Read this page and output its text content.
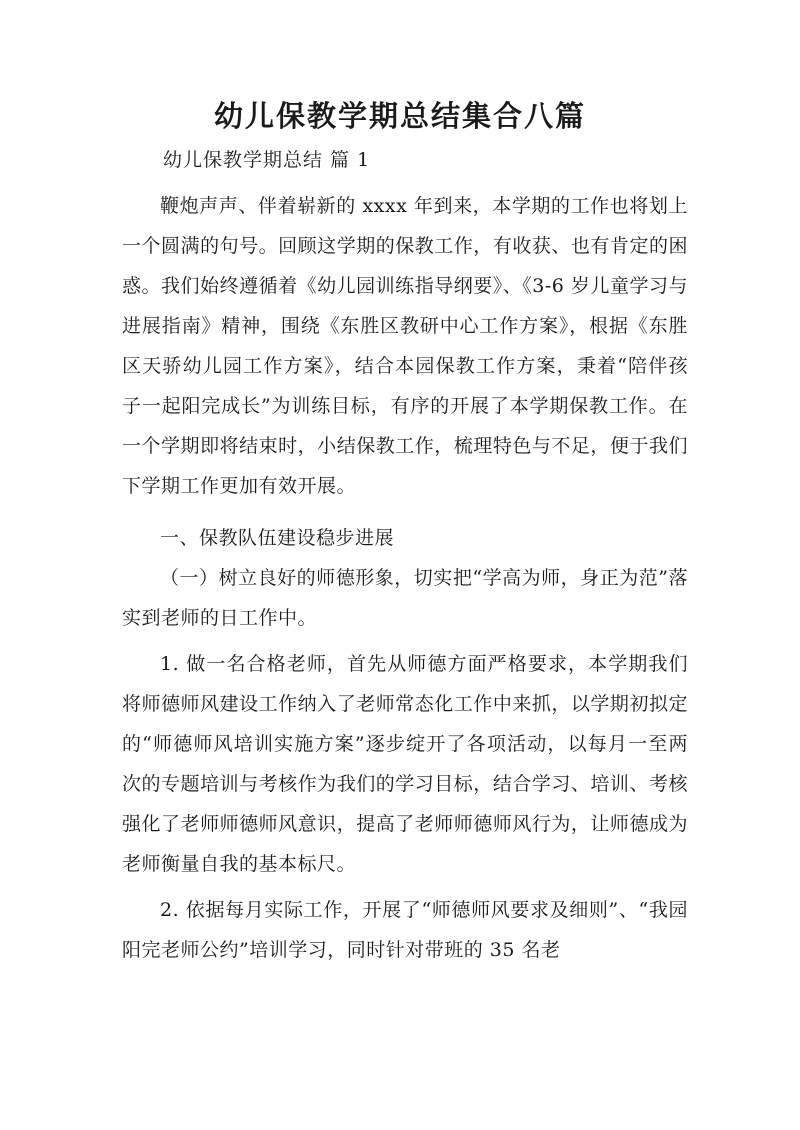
幼儿保教学期总结集合八篇
幼儿保教学期总结 篇 1

鞭炮声声、伴着崭新的 xxxx 年到来，本学期的工作也将划上一个圆满的句号。回顾这学期的保教工作，有收获、也有肯定的困惑。我们始终遵循着《幼儿园训练指导纲要》、《3-6 岁儿童学习与进展指南》精神，围绕《东胜区教研中心工作方案》，根据《东胜区天骄幼儿园工作方案》，结合本园保教工作方案，秉着“陪伴孩子一起阳完成长”为训练目标，有序的开展了本学期保教工作。在一个学期即将结束时，小结保教工作，梳理特色与不足，便于我们下学期工作更加有效开展。

一、保教队伍建设稳步进展

（一）树立良好的师德形象，切实把“学高为师，身正为范”落实到老师的日工作中。

1. 做一名合格老师，首先从师德方面严格要求，本学期我们将师德师风建设工作纳入了老师常态化工作中来抓，以学期初拟定的“师德师风培训实施方案”逐步绽开了各项活动，以每月一至两次的专题培训与考核作为我们的学习目标，结合学习、培训、考核强化了老师师德师风意识，提高了老师师德师风行为，让师德成为老师衡量自我的基本标尺。

2. 依据每月实际工作，开展了“师德师风要求及细则”、“我园阳完老师公约”培训学习，同时针对带班的 35 名老
